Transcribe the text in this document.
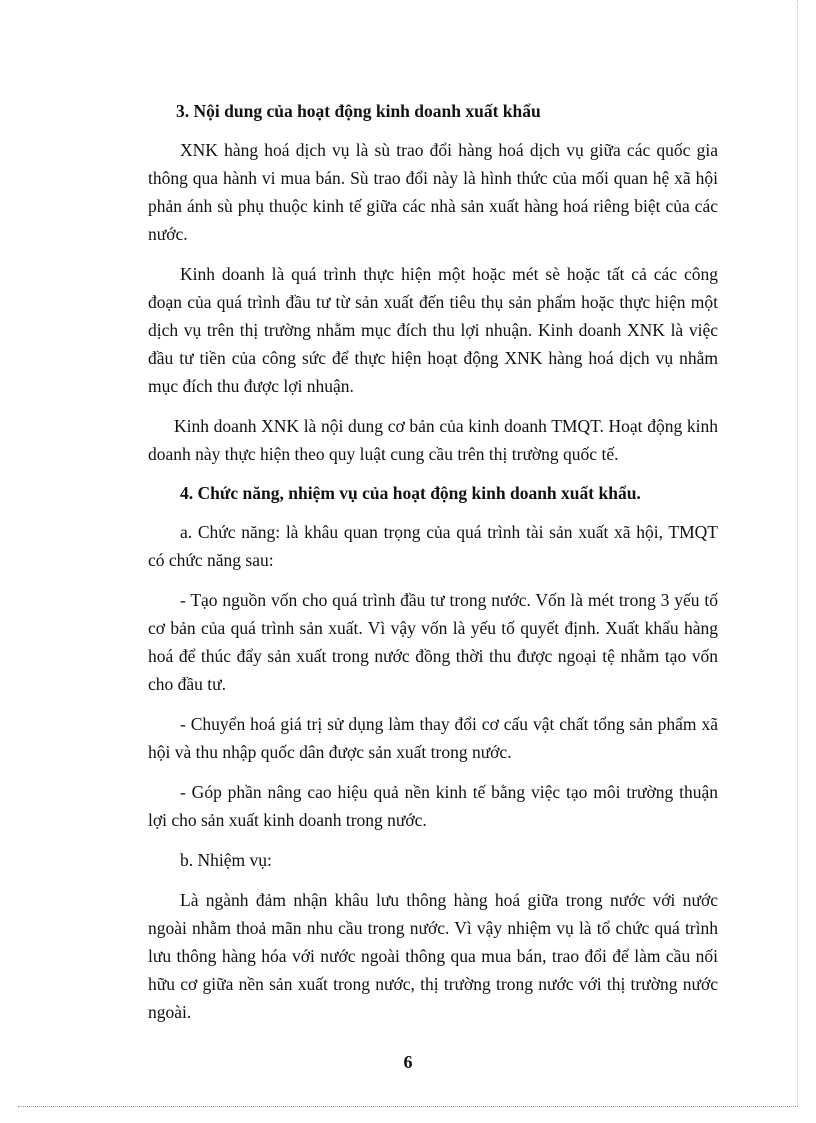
3. Nội dung của hoạt động kinh doanh xuất khẩu

XNK hàng hoá dịch vụ là sù trao đổi hàng hoá dịch vụ giữa các quốc gia thông qua hành vi mua bán. Sù trao đổi này là hình thức của mối quan hệ xã hội phản ánh sù phụ thuộc kinh tế giữa các nhà sản xuất hàng hoá riêng biệt của các nước.

Kinh doanh là quá trình thực hiện một hoặc mét sè hoặc tất cả các công đoạn của quá trình đầu tư từ sản xuất đến tiêu thụ sản phẩm hoặc thực hiện một dịch vụ trên thị trường nhằm mục đích thu lợi nhuận. Kinh doanh XNK là việc đầu tư tiền của công sức để thực hiện hoạt động XNK hàng hoá dịch vụ nhằm mục đích thu được lợi nhuận.

Kinh doanh XNK là nội dung cơ bản của kinh doanh TMQT. Hoạt động kinh doanh này thực hiện theo quy luật cung cầu trên thị trường quốc tế.

4. Chức năng, nhiệm vụ của hoạt động kinh doanh xuất khẩu.

a. Chức năng: là khâu quan trọng của quá trình tài sản xuất xã hội, TMQT có chức năng sau:

- Tạo nguồn vốn cho quá trình đầu tư trong nước. Vốn là mét trong 3 yếu tố cơ bản của quá trình sản xuất. Vì vậy vốn là yếu tố quyết định. Xuất khẩu hàng hoá để thúc đẩy sản xuất trong nước đồng thời thu được ngoại tệ nhằm tạo vốn cho đầu tư.

- Chuyển hoá giá trị sử dụng làm thay đổi cơ cấu vật chất tổng sản phẩm xã hội và thu nhập quốc dân được sản xuất trong nước.

- Góp phần nâng cao hiệu quả nền kinh tế bằng việc tạo môi trường thuận lợi cho sản xuất kinh doanh trong nước.

b. Nhiệm vụ:

Là ngành đảm nhận khâu lưu thông hàng hoá giữa trong nước với nước ngoài nhằm thoả mãn nhu cầu trong nước. Vì vậy nhiệm vụ là tổ chức quá trình lưu thông hàng hóa với nước ngoài thông qua mua bán, trao đổi để làm cầu nối hữu cơ giữa nền sản xuất trong nước, thị trường trong nước với thị trường nước ngoài.

6
